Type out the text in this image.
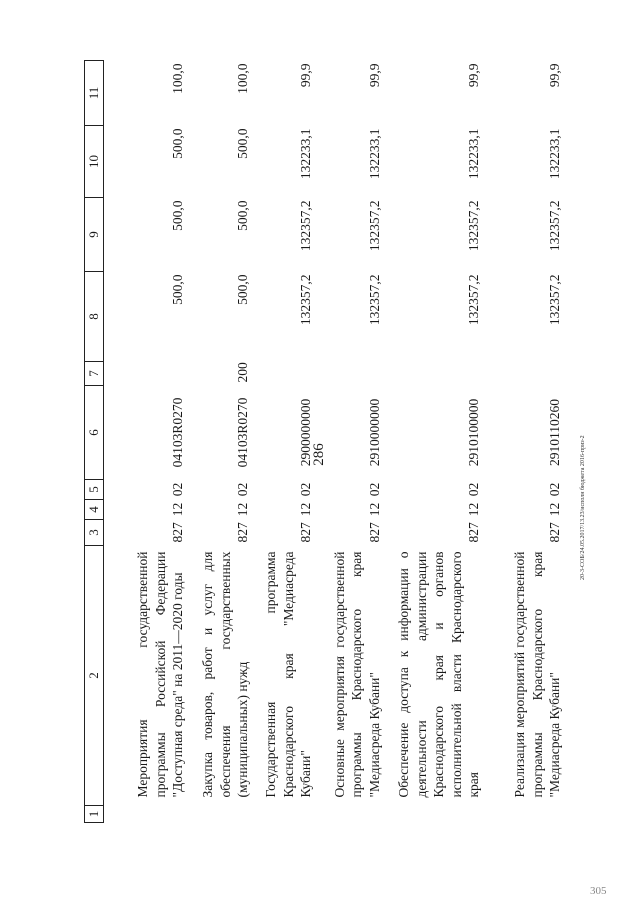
286	20-3-СОБ/24.05.2017/13.23/исполн бюджета 2016-приз-2
305
1	2	3	4	5	6	7	8	9	10	11
	Мероприятия государственной программы Российской Федерации "Доступная среда" на 2011—2020 годы	827	12	02	04103R0270		500,0	500,0	500,0	100,0
	Закупка товаров, работ и услуг для обеспечения государственных (муниципальных) нужд	827	12	02	04103R0270	200	500,0	500,0	500,0	100,0
	Государственная программа Краснодарского края "Медиасреда Кубани"	827	12	02	2900000000		132357,2	132357,2	132233,1	99,9
	Основные мероприятия государственной программы Краснодарского края "Медиасреда Кубани"	827	12	02	2910000000		132357,2	132357,2	132233,1	99,9
	Обеспечение доступа к информации о деятельности администрации Краснодарского края и органов исполнительной власти Краснодарского края	827	12	02	2910100000		132357,2	132357,2	132233,1	99,9
	Реализация мероприятий государственной программы Краснодарского края "Медиасреда Кубани"	827	12	02	2910110260		132357,2	132357,2	132233,1	99,9
